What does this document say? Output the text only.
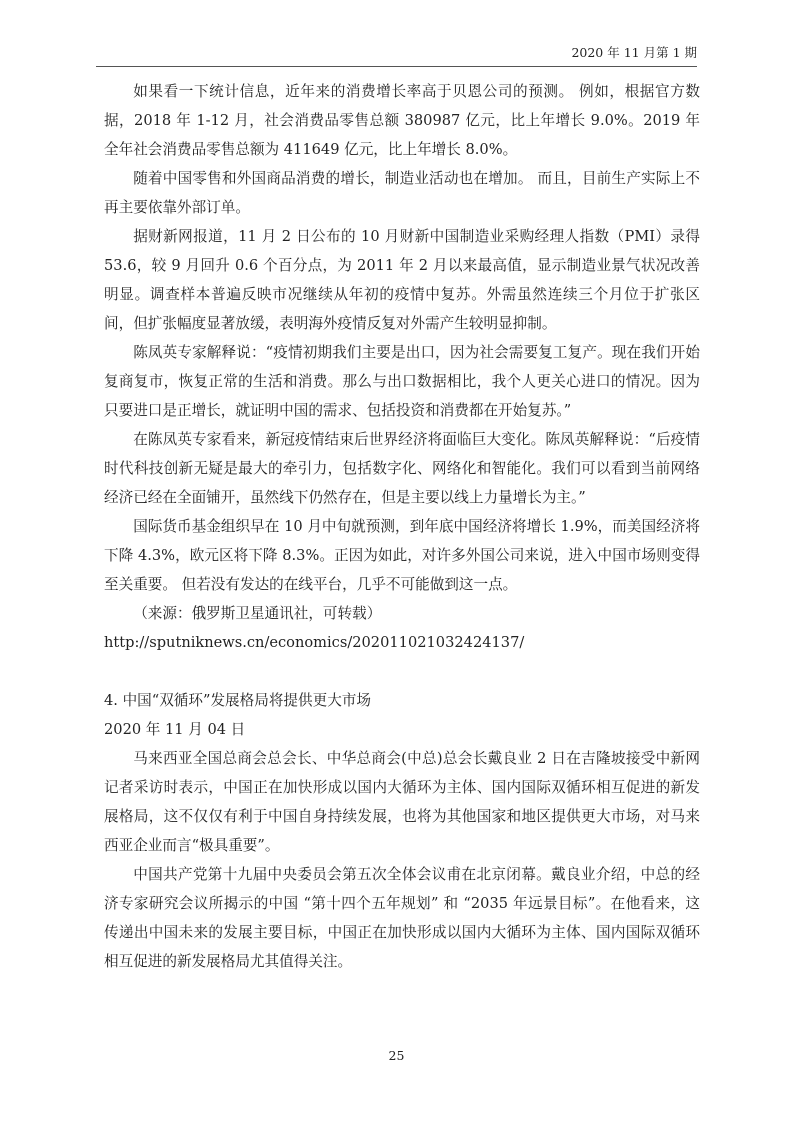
2020 年 11 月第 1 期

如果看一下统计信息，近年来的消费增长率高于贝恩公司的预测。 例如，根据官方数据，2018 年 1-12 月，社会消费品零售总额 380987 亿元，比上年增长 9.0%。2019 年全年社会消费品零售总额为 411649 亿元，比上年增长 8.0%。

随着中国零售和外国商品消费的增长，制造业活动也在增加。 而且，目前生产实际上不再主要依靠外部订单。

据财新网报道，11 月 2 日公布的 10 月财新中国制造业采购经理人指数（PMI）录得 53.6，较 9 月回升 0.6 个百分点，为 2011 年 2 月以来最高值，显示制造业景气状况改善明显。调查样本普遍反映市况继续从年初的疫情中复苏。外需虽然连续三个月位于扩张区间，但扩张幅度显著放缓，表明海外疫情反复对外需产生较明显抑制。

陈凤英专家解释说：“疫情初期我们主要是出口，因为社会需要复工复产。现在我们开始复商复市，恢复正常的生活和消费。那么与出口数据相比，我个人更关心进口的情况。因为只要进口是正增长，就证明中国的需求、包括投资和消费都在开始复苏。”

在陈凤英专家看来，新冠疫情结束后世界经济将面临巨大变化。陈凤英解释说：“后疫情时代科技创新无疑是最大的牵引力，包括数字化、网络化和智能化。我们可以看到当前网络经济已经在全面铺开，虽然线下仍然存在，但是主要以线上力量增长为主。”

国际货币基金组织早在 10 月中旬就预测，到年底中国经济将增长 1.9%，而美国经济将下降 4.3%，欧元区将下降 8.3%。正因为如此，对许多外国公司来说，进入中国市场则变得至关重要。 但若没有发达的在线平台，几乎不可能做到这一点。

（来源：俄罗斯卫星通讯社，可转载）

http://sputniknews.cn/economics/202011021032424137/

4. 中国“双循环”发展格局将提供更大市场

2020 年 11 月 04 日

马来西亚全国总商会总会长、中华总商会(中总)总会长戴良业 2 日在吉隆坡接受中新网记者采访时表示，中国正在加快形成以国内大循环为主体、国内国际双循环相互促进的新发展格局，这不仅仅有利于中国自身持续发展，也将为其他国家和地区提供更大市场，对马来西亚企业而言“极具重要”。

中国共产党第十九届中央委员会第五次全体会议甫在北京闭幕。戴良业介绍，中总的经济专家研究会议所揭示的中国 “第十四个五年规划” 和 “2035 年远景目标”。在他看来，这传递出中国未来的发展主要目标，中国正在加快形成以国内大循环为主体、国内国际双循环相互促进的新发展格局尤其值得关注。

25
